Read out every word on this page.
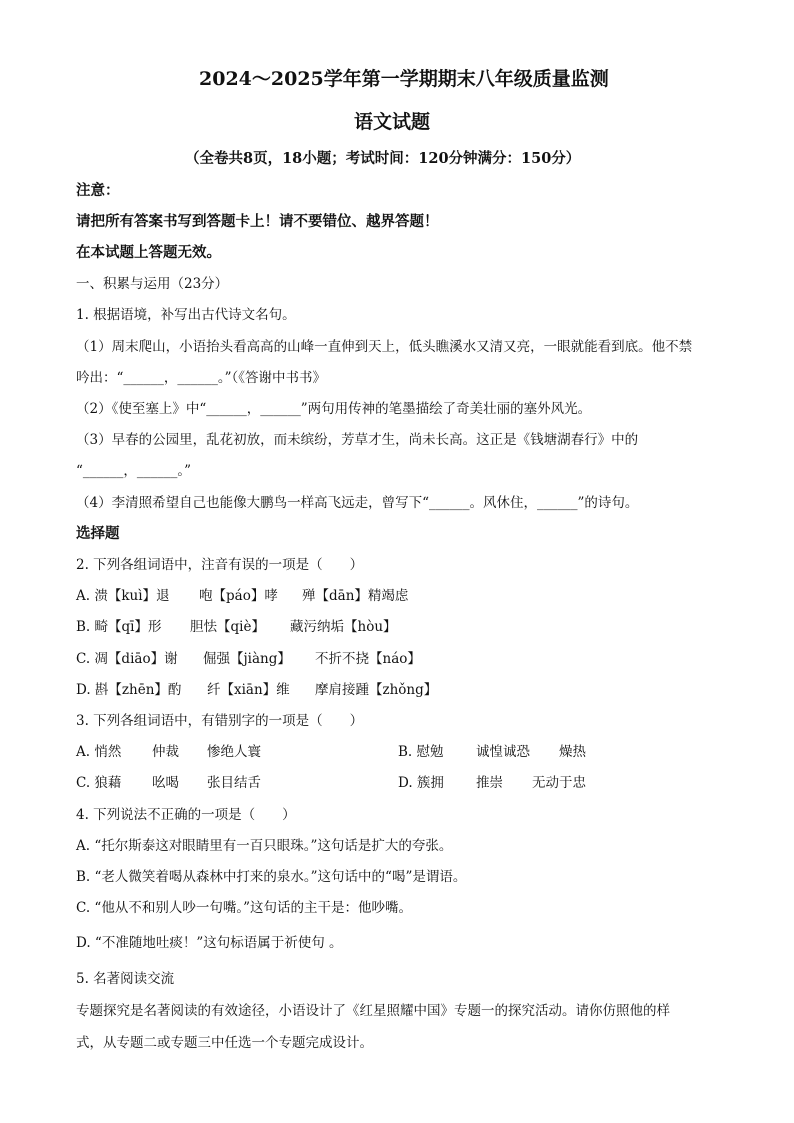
2024～2025学年第一学期期末八年级质量监测
语文试题
（全卷共8页，18小题；考试时间：120分钟满分：150分）
注意：
请把所有答案书写到答题卡上！请不要错位、越界答题！
在本试题上答题无效。
一、积累与运用（23分）
1. 根据语境，补写出古代诗文名句。
（1）周末爬山，小语抬头看高高的山峰一直伸到天上，低头瞧溪水又清又亮，一眼就能看到底。他不禁
吟出：“______，______。”（《答谢中书书》
（2）《使至塞上》中“______，______”两句用传神的笔墨描绘了奇美壮丽的塞外风光。
（3）早春的公园里，乱花初放，而未缤纷，芳草才生，尚未长高。这正是《钱塘湖春行》中的
“______，______。”
（4）李清照希望自己也能像大鹏鸟一样高飞远走，曾写下“______。风休住，______”的诗句。
选择题
2. 下列各组词语中，注音有误的一项是（　　）
A. 溃【kuì】退 咆【páo】哮 殚【dān】精竭虑
B. 畸【qī】形 胆怯【qiè】 藏污纳垢【hòu】
C. 凋【diāo】谢 倔强【jiàng】 不折不挠【náo】
D. 斟【zhēn】酌 纤【xiān】维 摩肩接踵【zhǒng】
3. 下列各组词语中，有错别字的一项是（　　）
A. 悄然 仲裁 惨绝人寰	B. 慰勉 诚惶诚恐 燥热
C. 狼藉 吆喝 张目结舌	D. 簇拥 推崇 无动于忠
4. 下列说法不正确的一项是（　　）
A. “托尔斯泰这对眼睛里有一百只眼珠。”这句话是扩大的夸张。
B. “老人微笑着喝从森林中打来的泉水。”这句话中的“喝”是谓语。
C. “他从不和别人吵一句嘴。”这句话的主干是：他吵嘴。
D. “不准随地吐痰！”这句标语属于祈使句 。
5. 名著阅读交流
专题探究是名著阅读的有效途径，小语设计了《红星照耀中国》专题一的探究活动。请你仿照他的样
式，从专题二或专题三中任选一个专题完成设计。
